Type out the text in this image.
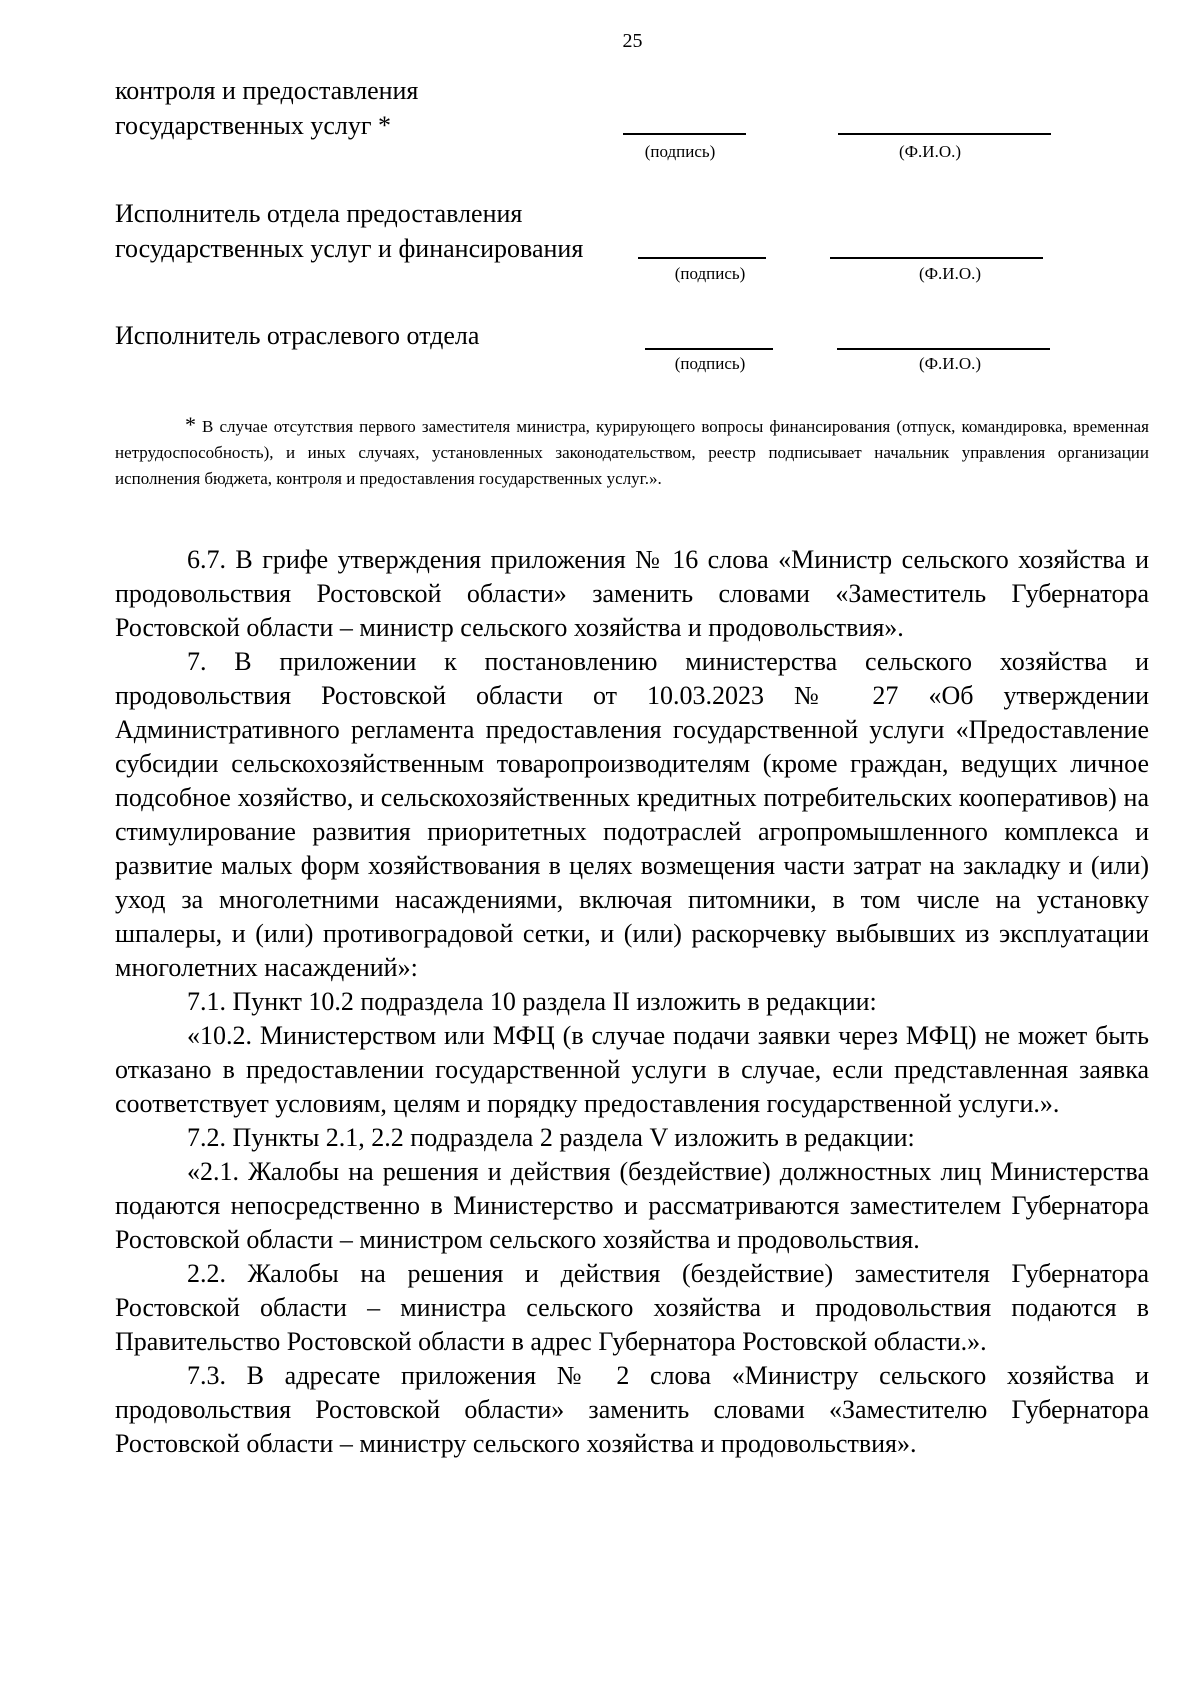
25
контроля и предоставления
государственных услуг *
(подпись)	(Ф.И.О.)
Исполнитель отдела предоставления
государственных услуг и финансирования
(подпись)	(Ф.И.О.)
Исполнитель отраслевого отдела
(подпись)	(Ф.И.О.)
* В случае отсутствия первого заместителя министра, курирующего вопросы финансирования (отпуск, командировка, временная нетрудоспособность), и иных случаях, установленных законодательством, реестр подписывает начальник управления организации исполнения бюджета, контроля и предоставления государственных услуг.».

6.7. В грифе утверждения приложения № 16 слова «Министр сельского хозяйства и продовольствия Ростовской области» заменить словами «Заместитель Губернатора Ростовской области – министр сельского хозяйства и продовольствия».

7. В приложении к постановлению министерства сельского хозяйства и продовольствия Ростовской области от 10.03.2023 № 27 «Об утверждении Административного регламента предоставления государственной услуги «Предоставление субсидии сельскохозяйственным товаропроизводителям (кроме граждан, ведущих личное подсобное хозяйство, и сельскохозяйственных кредитных потребительских кооперативов) на стимулирование развития приоритетных подотраслей агропромышленного комплекса и развитие малых форм хозяйствования в целях возмещения части затрат на закладку и (или) уход за многолетними насаждениями, включая питомники, в том числе на установку шпалеры, и (или) противоградовой сетки, и (или) раскорчевку выбывших из эксплуатации многолетних насаждений»:

7.1. Пункт 10.2 подраздела 10 раздела II изложить в редакции:

«10.2. Министерством или МФЦ (в случае подачи заявки через МФЦ) не может быть отказано в предоставлении государственной услуги в случае, если представленная заявка соответствует условиям, целям и порядку предоставления государственной услуги.».

7.2. Пункты 2.1, 2.2 подраздела 2 раздела V изложить в редакции:

«2.1. Жалобы на решения и действия (бездействие) должностных лиц Министерства подаются непосредственно в Министерство и рассматриваются заместителем Губернатора Ростовской области – министром сельского хозяйства и продовольствия.

2.2. Жалобы на решения и действия (бездействие) заместителя Губернатора Ростовской области – министра сельского хозяйства и продовольствия подаются в Правительство Ростовской области в адрес Губернатора Ростовской области.».

7.3. В адресате приложения № 2 слова «Министру сельского хозяйства и продовольствия Ростовской области» заменить словами «Заместителю Губернатора Ростовской области – министру сельского хозяйства и продовольствия».
